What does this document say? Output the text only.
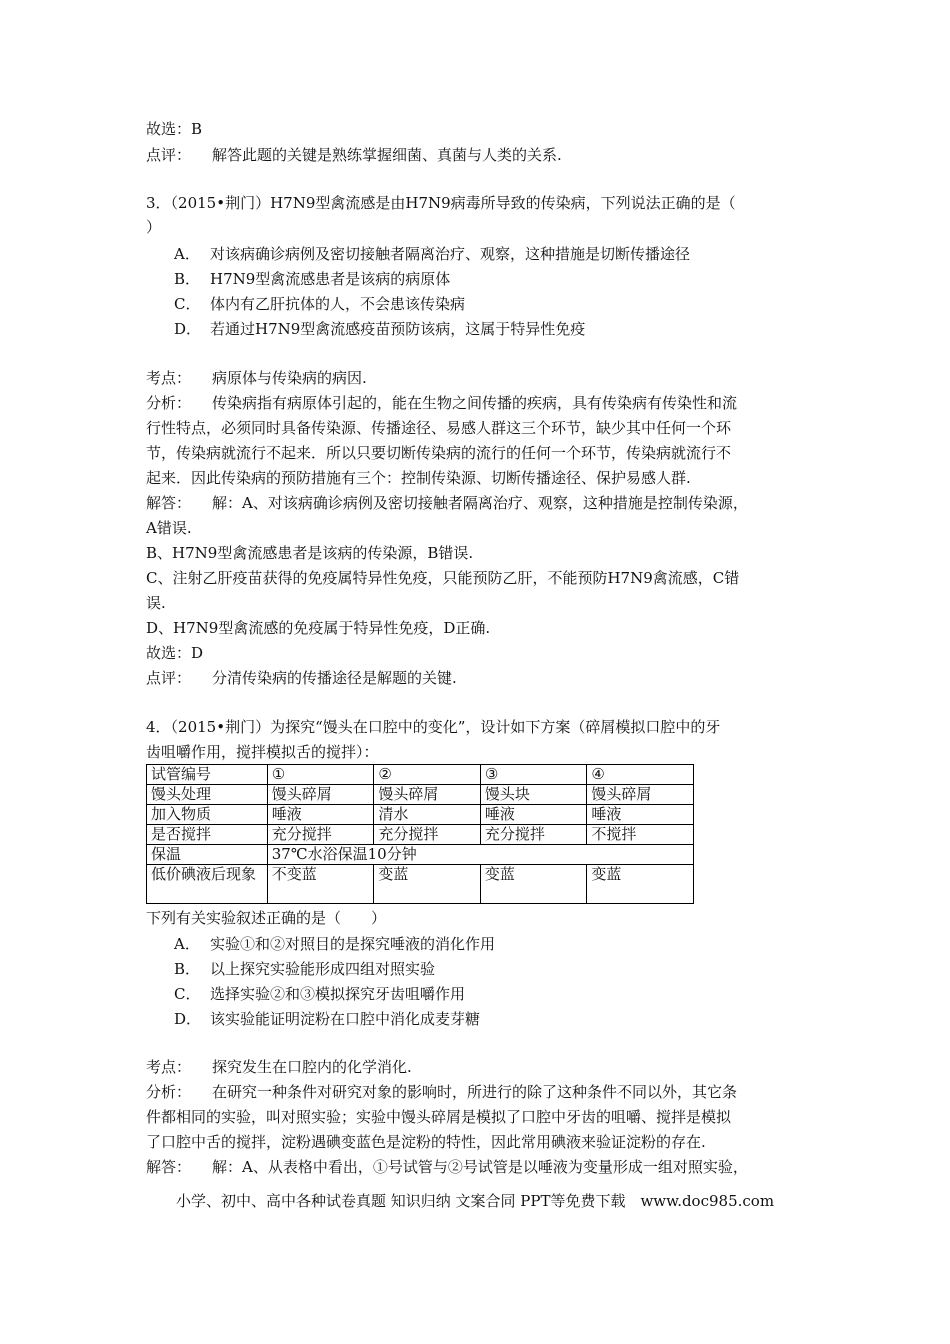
故选：B
点评： 解答此题的关键是熟练掌握细菌、真菌与人类的关系.
3．（2015•荆门）H7N9型禽流感是由H7N9病毒所导致的传染病，下列说法正确的是（
）
A． 对该病确诊病例及密切接触者隔离治疗、观察，这种措施是切断传播途径
B． H7N9型禽流感患者是该病的病原体
C． 体内有乙肝抗体的人，不会患该传染病
D． 若通过H7N9型禽流感疫苗预防该病，这属于特异性免疫
考点： 病原体与传染病的病因.
分析： 传染病指有病原体引起的，能在生物之间传播的疾病，具有传染病有传染性和流
行性特点，必须同时具备传染源、传播途径、易感人群这三个环节，缺少其中任何一个环
节，传染病就流行不起来．所以只要切断传染病的流行的任何一个环节，传染病就流行不
起来．因此传染病的预防措施有三个：控制传染源、切断传播途径、保护易感人群.
解答： 解：A、对该病确诊病例及密切接触者隔离治疗、观察，这种措施是控制传染源，
A错误.
B、H7N9型禽流感患者是该病的传染源，B错误.
C、注射乙肝疫苗获得的免疫属特异性免疫，只能预防乙肝，不能预防H7N9禽流感，C错
误.
D、H7N9型禽流感的免疫属于特异性免疫，D正确.
故选：D
点评： 分清传染病的传播途径是解题的关键.
4．（2015•荆门）为探究“馒头在口腔中的变化”，设计如下方案（碎屑模拟口腔中的牙
齿咀嚼作用，搅拌模拟舌的搅拌）：
试管编号	①	②	③	④
馒头处理	馒头碎屑	馒头碎屑	馒头块	馒头碎屑
加入物质	唾液	清水	唾液	唾液
是否搅拌	充分搅拌	充分搅拌	充分搅拌	不搅拌
保温	37℃水浴保温10分钟			
低价碘液后现象	不变蓝	变蓝	变蓝	变蓝
下列有关实验叙述正确的是（　　）
A． 实验①和②对照目的是探究唾液的消化作用
B． 以上探究实验能形成四组对照实验
C． 选择实验②和③模拟探究牙齿咀嚼作用
D． 该实验能证明淀粉在口腔中消化成麦芽糖
考点： 探究发生在口腔内的化学消化.
分析： 在研究一种条件对研究对象的影响时，所进行的除了这种条件不同以外，其它条
件都相同的实验，叫对照实验；实验中馒头碎屑是模拟了口腔中牙齿的咀嚼、搅拌是模拟
了口腔中舌的搅拌，淀粉遇碘变蓝色是淀粉的特性，因此常用碘液来验证淀粉的存在.
解答： 解：A、从表格中看出，①号试管与②号试管是以唾液为变量形成一组对照实验，
小学、初中、高中各种试卷真题 知识归纳 文案合同 PPT等免费下载　www.doc985.com
